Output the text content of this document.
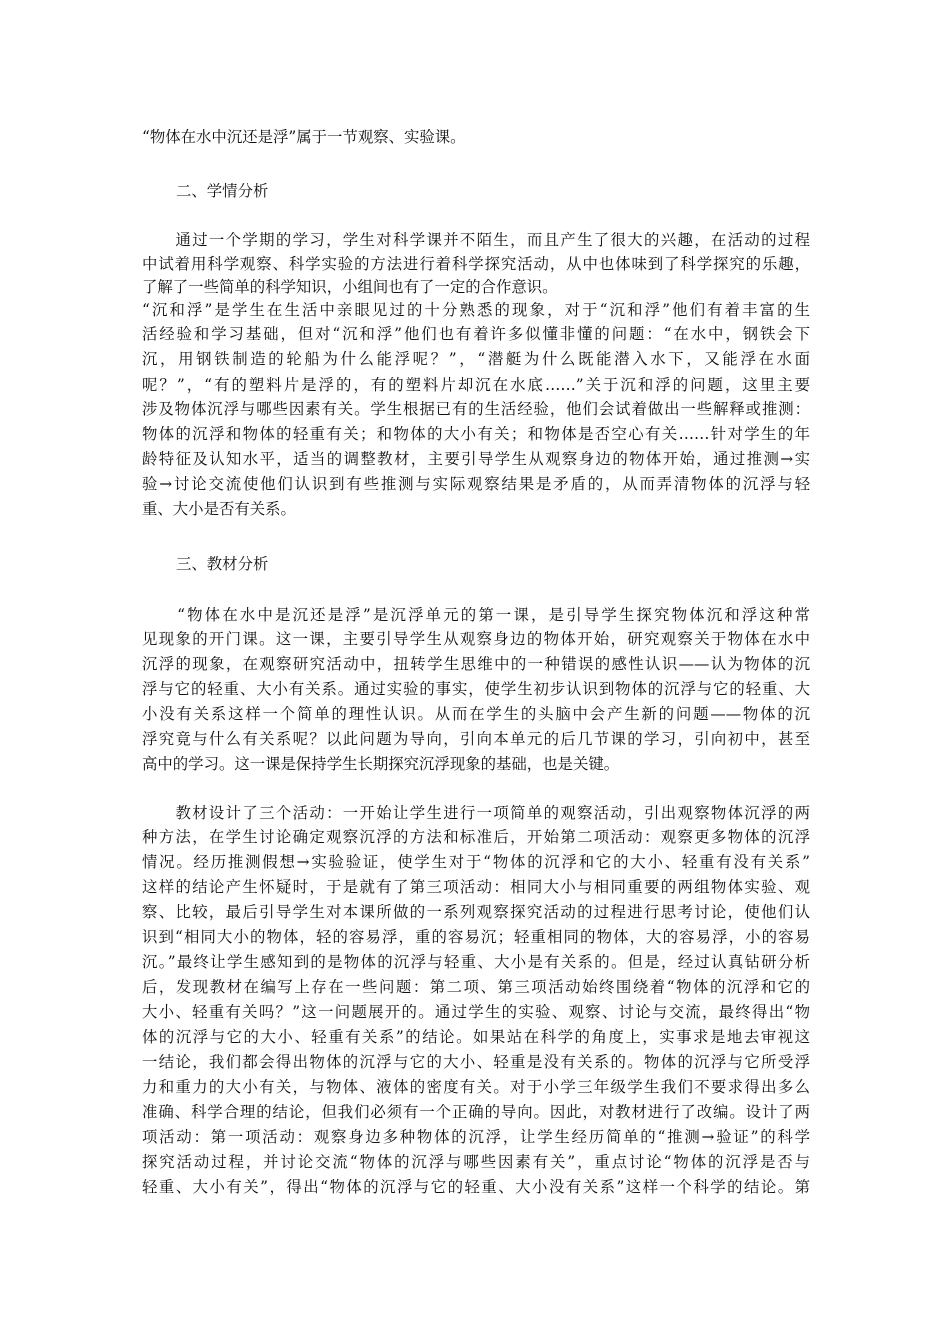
“物体在水中沉还是浮”属于一节观察、实验课。
二、学情分析
　　通过一个学期的学习，学生对科学课并不陌生，而且产生了很大的兴趣，在活动的过程
中试着用科学观察、科学实验的方法进行着科学探究活动，从中也体味到了科学探究的乐趣，
了解了一些简单的科学知识，小组间也有了一定的合作意识。
“沉和浮”是学生在生活中亲眼见过的十分熟悉的现象，对于“沉和浮”他们有着丰富的生
活经验和学习基础，但对“沉和浮”他们也有着许多似懂非懂的问题：“在水中，钢铁会下
沉，用钢铁制造的轮船为什么能浮呢？”，“潜艇为什么既能潜入水下，又能浮在水面
呢？”，“有的塑料片是浮的，有的塑料片却沉在水底……”关于沉和浮的问题，这里主要
涉及物体沉浮与哪些因素有关。学生根据已有的生活经验，他们会试着做出一些解释或推测：
物体的沉浮和物体的轻重有关；和物体的大小有关；和物体是否空心有关……针对学生的年
龄特征及认知水平，适当的调整教材，主要引导学生从观察身边的物体开始，通过推测→实
验→讨论交流使他们认识到有些推测与实际观察结果是矛盾的，从而弄清物体的沉浮与轻
重、大小是否有关系。
三、教材分析
　　“物体在水中是沉还是浮”是沉浮单元的第一课，是引导学生探究物体沉和浮这种常
见现象的开门课。这一课，主要引导学生从观察身边的物体开始，研究观察关于物体在水中
沉浮的现象，在观察研究活动中，扭转学生思维中的一种错误的感性认识——认为物体的沉
浮与它的轻重、大小有关系。通过实验的事实，使学生初步认识到物体的沉浮与它的轻重、大
小没有关系这样一个简单的理性认识。从而在学生的头脑中会产生新的问题——物体的沉
浮究竟与什么有关系呢？以此问题为导向，引向本单元的后几节课的学习，引向初中，甚至
高中的学习。这一课是保持学生长期探究沉浮现象的基础，也是关键。
　　教材设计了三个活动：一开始让学生进行一项简单的观察活动，引出观察物体沉浮的两
种方法，在学生讨论确定观察沉浮的方法和标准后，开始第二项活动：观察更多物体的沉浮
情况。经历推测假想→实验验证，使学生对于“物体的沉浮和它的大小、轻重有没有关系”
这样的结论产生怀疑时，于是就有了第三项活动：相同大小与相同重要的两组物体实验、观
察、比较，最后引导学生对本课所做的一系列观察探究活动的过程进行思考讨论，使他们认
识到“相同大小的物体，轻的容易浮，重的容易沉；轻重相同的物体，大的容易浮，小的容易
沉。”最终让学生感知到的是物体的沉浮与轻重、大小是有关系的。但是，经过认真钻研分析
后，发现教材在编写上存在一些问题：第二项、第三项活动始终围绕着“物体的沉浮和它的
大小、轻重有关吗？”这一问题展开的。通过学生的实验、观察、讨论与交流，最终得出“物
体的沉浮与它的大小、轻重有关系”的结论。如果站在科学的角度上，实事求是地去审视这
一结论，我们都会得出物体的沉浮与它的大小、轻重是没有关系的。物体的沉浮与它所受浮
力和重力的大小有关，与物体、液体的密度有关。对于小学三年级学生我们不要求得出多么
准确、科学合理的结论，但我们必须有一个正确的导向。因此，对教材进行了改编。设计了两
项活动：第一项活动：观察身边多种物体的沉浮，让学生经历简单的“推测→验证”的科学
探究活动过程，并讨论交流“物体的沉浮与哪些因素有关”，重点讨论“物体的沉浮是否与
轻重、大小有关”，得出“物体的沉浮与它的轻重、大小没有关系”这样一个科学的结论。第
